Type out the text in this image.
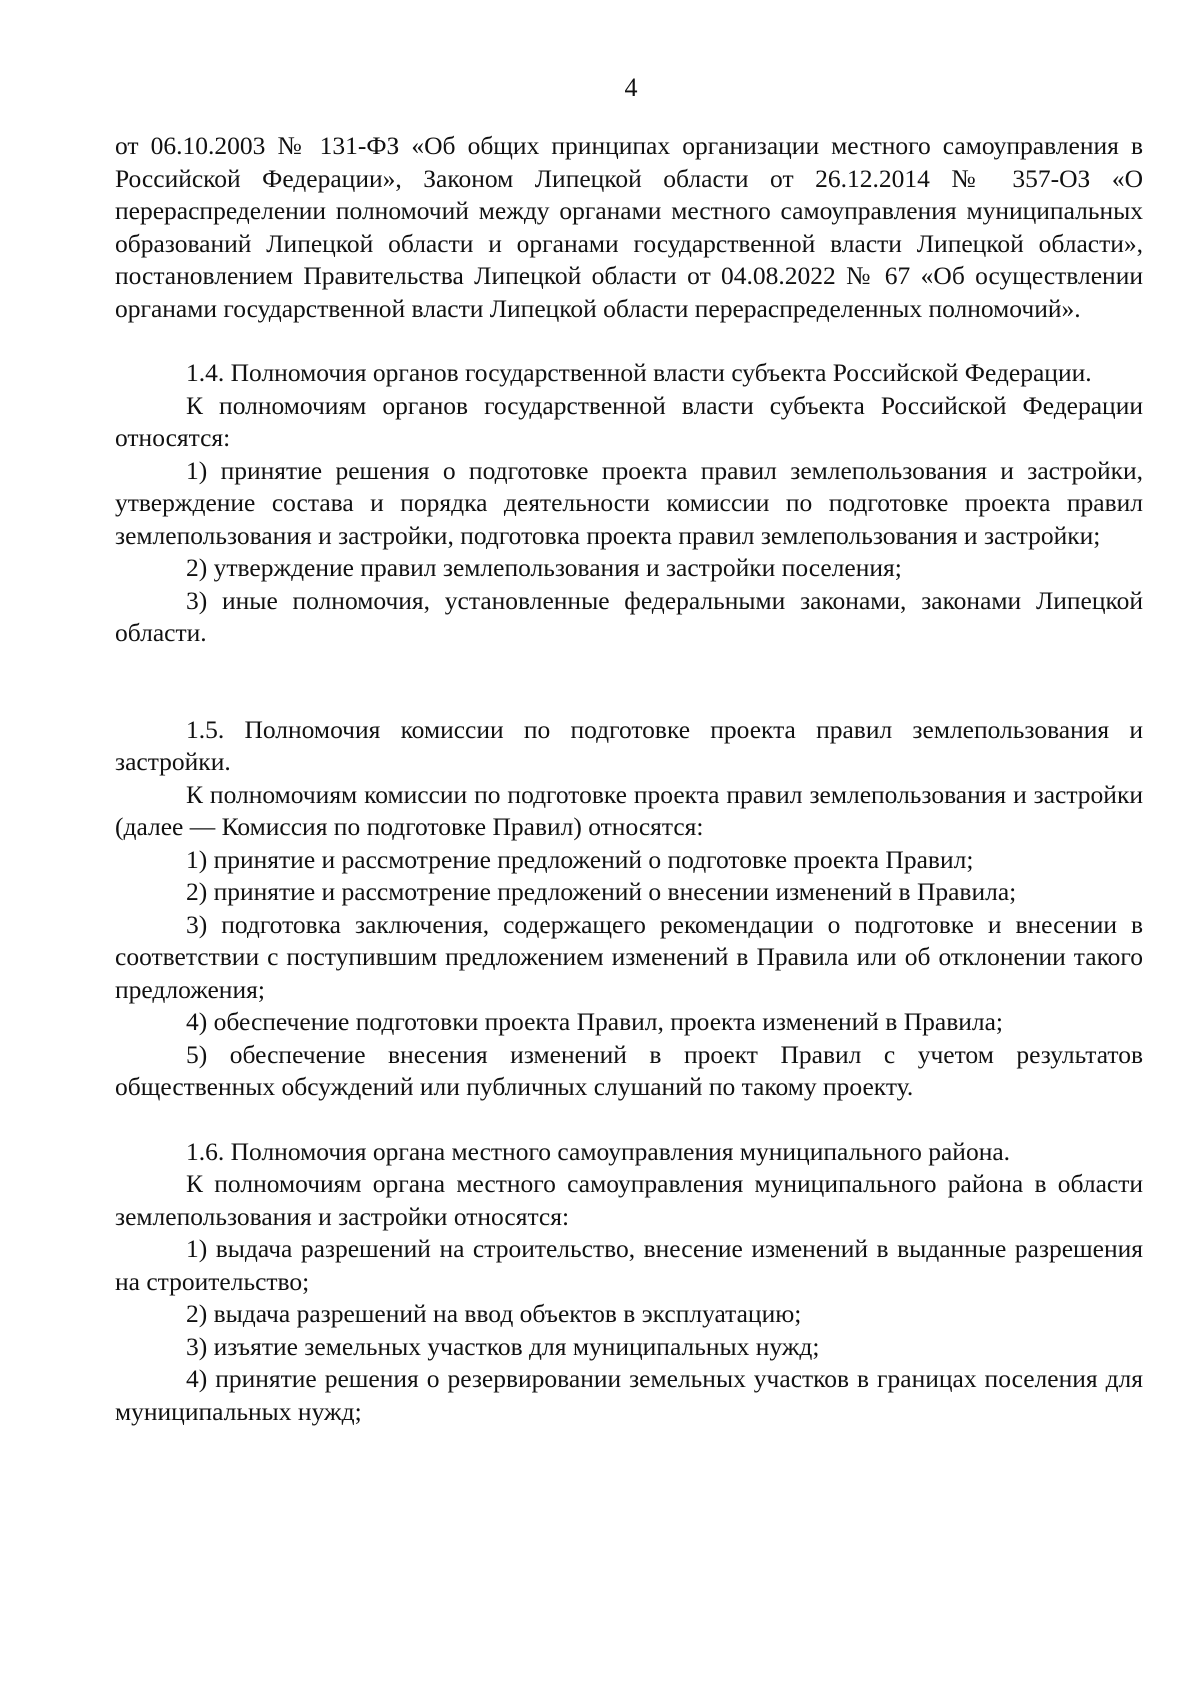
4

от 06.10.2003 № 131-ФЗ «Об общих принципах организации местного самоуправления в Российской Федерации», Законом Липецкой области от 26.12.2014 № 357-ОЗ «О перераспределении полномочий между органами местного самоуправления муниципальных образований Липецкой области и органами государственной власти Липецкой области», постановлением Правительства Липецкой области от 04.08.2022 № 67 «Об осуществлении органами государственной власти Липецкой области перераспределенных полномочий».

1.4. Полномочия органов государственной власти субъекта Российской Федерации.

К полномочиям органов государственной власти субъекта Российской Федерации относятся:

1) принятие решения о подготовке проекта правил землепользования и застройки, утверждение состава и порядка деятельности комиссии по подготовке проекта правил землепользования и застройки, подготовка проекта правил землепользования и застройки;

2) утверждение правил землепользования и застройки поселения;

3) иные полномочия, установленные федеральными законами, законами Липецкой области.

1.5. Полномочия комиссии по подготовке проекта правил землепользования и застройки.

К полномочиям комиссии по подготовке проекта правил землепользования и застройки (далее — Комиссия по подготовке Правил) относятся:

1) принятие и рассмотрение предложений о подготовке проекта Правил;

2) принятие и рассмотрение предложений о внесении изменений в Правила;

3) подготовка заключения, содержащего рекомендации о подготовке и внесении в соответствии с поступившим предложением изменений в Правила или об отклонении такого предложения;

4) обеспечение подготовки проекта Правил, проекта изменений в Правила;

5) обеспечение внесения изменений в проект Правил с учетом результатов общественных обсуждений или публичных слушаний по такому проекту.

1.6. Полномочия органа местного самоуправления муниципального района.

К полномочиям органа местного самоуправления муниципального района в области землепользования и застройки относятся:

1) выдача разрешений на строительство, внесение изменений в выданные разрешения на строительство;

2) выдача разрешений на ввод объектов в эксплуатацию;

3) изъятие земельных участков для муниципальных нужд;

4) принятие решения о резервировании земельных участков в границах поселения для муниципальных нужд;
